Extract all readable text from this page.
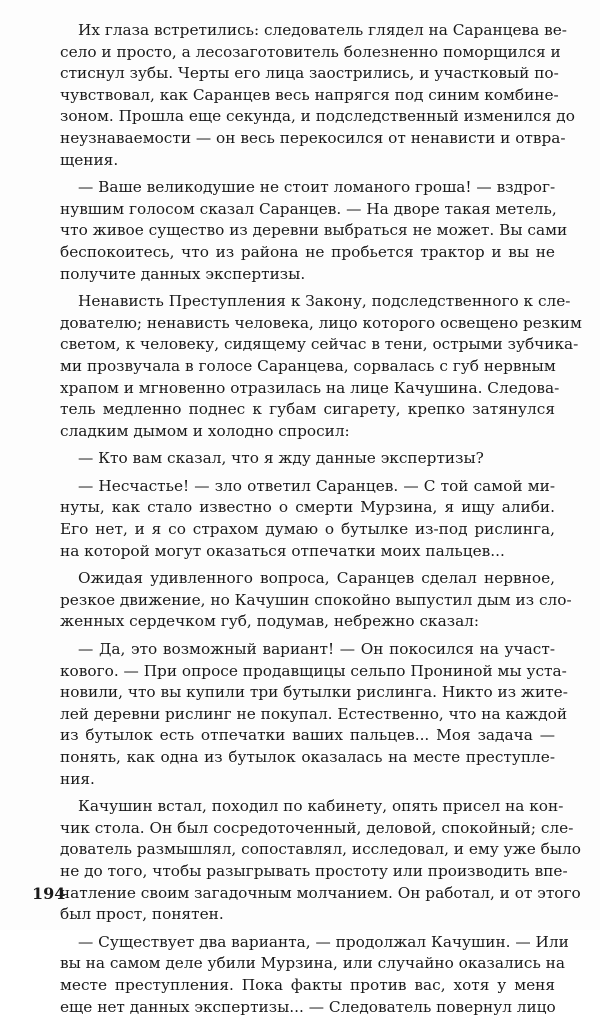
Их глаза встретились: следователь глядел на Саранцева ве-
село и просто, а лесозаготовитель болезненно поморщился и
стиснул зубы. Черты его лица заострились, и участковый по-
чувствовал, как Саранцев весь напрягся под синим комбине-
зоном. Прошла еще секунда, и подследственный изменился до
неузнаваемости — он весь перекосился от ненависти и отвра-
щения.
— Ваше великодушие не стоит ломаного гроша! — вздрог-
нувшим голосом сказал Саранцев. — На дворе такая метель,
что живое существо из деревни выбраться не может. Вы сами
беспокоитесь, что из района не пробьется трактор и вы не
получите данных экспертизы.
Ненависть Преступления к Закону, подследственного к сле-
дователю; ненависть человека, лицо которого освещено резким
светом, к человеку, сидящему сейчас в тени, острыми зубчика-
ми прозвучала в голосе Саранцева, сорвалась с губ нервным
храпом и мгновенно отразилась на лице Качушина. Следова-
тель медленно поднес к губам сигарету, крепко затянулся
сладким дымом и холодно спросил:
— Кто вам сказал, что я жду данные экспертизы?
— Несчастье! — зло ответил Саранцев. — С той самой ми-
нуты, как стало известно о смерти Мурзина, я ищу алиби.
Его нет, и я со страхом думаю о бутылке из-под рислинга,
на которой могут оказаться отпечатки моих пальцев...
Ожидая удивленного вопроса, Саранцев сделал нервное,
резкое движение, но Качушин спокойно выпустил дым из сло-
женных сердечком губ, подумав, небрежно сказал:
— Да, это возможный вариант! — Он покосился на участ-
кового. — При опросе продавщицы сельпо Прониной мы уста-
новили, что вы купили три бутылки рислинга. Никто из жите-
лей деревни рислинг не покупал. Естественно, что на каждой
из бутылок есть отпечатки ваших пальцев... Моя задача —
понять, как одна из бутылок оказалась на месте преступле-
ния.
Качушин встал, походил по кабинету, опять присел на кон-
чик стола. Он был сосредоточенный, деловой, спокойный; сле-
дователь размышлял, сопоставлял, исследовал, и ему уже было
не до того, чтобы разыгрывать простоту или производить впе-
чатление своим загадочным молчанием. Он работал, и от этого
был прост, понятен.
— Существует два варианта, — продолжал Качушин. — Или
вы на самом деле убили Мурзина, или случайно оказались на
месте преступления. Пока факты против вас, хотя у меня
еще нет данных экспертизы... — Следователь повернул лицо
194
